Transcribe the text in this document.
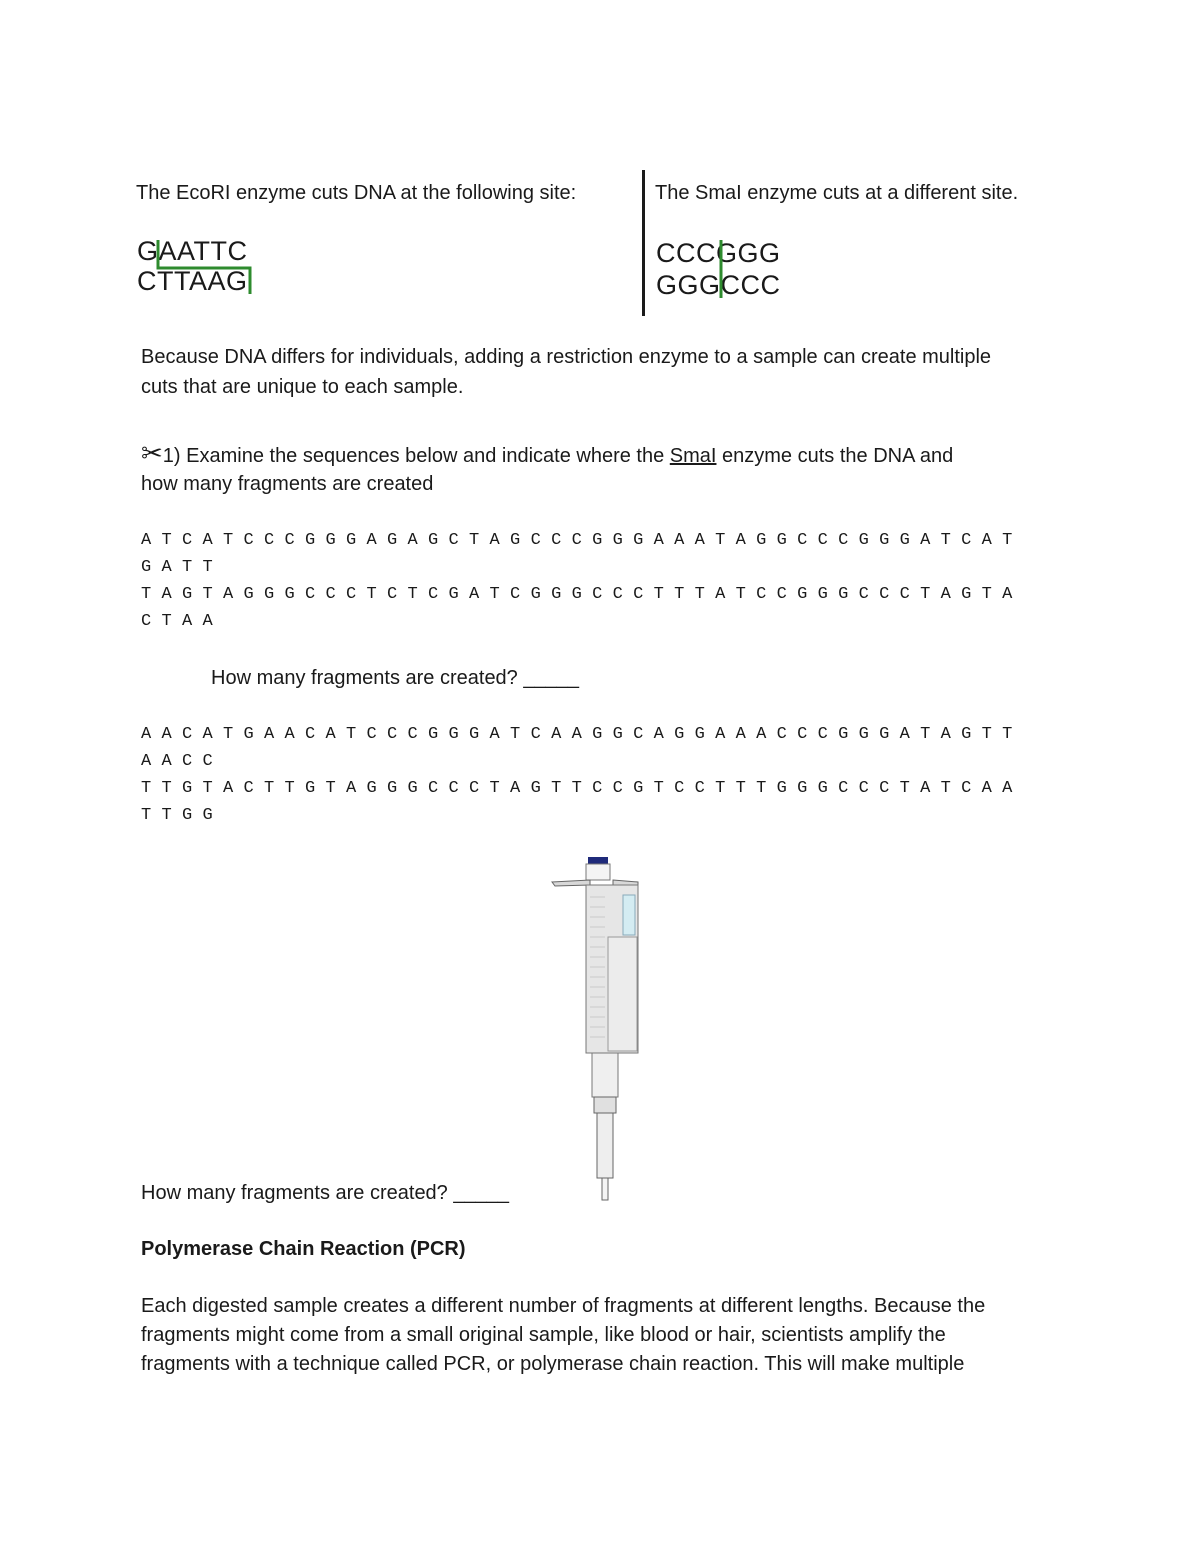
The EcoRI enzyme cuts DNA at the following site:
GAATTC
CTTAAG
The SmaI enzyme cuts at a different site.
CCCGGG
GGGCCC
Because DNA differs for individuals, adding a restriction enzyme to a sample can create multiple
cuts that are unique to each sample.
✂1) Examine the sequences below and indicate where the SmaI enzyme cuts the DNA and
how many fragments are created
A T C A T C C C G G G A G A G C T A G C C C G G G A A A T A G G C C C G G G A T C A T
G A T T
T A G T A G G G C C C T C T C G A T C G G G C C C T T T A T C C G G G C C C T A G T A
C T A A
How many fragments are created? _____
A A C A T G A A C A T C C C G G G A T C A A G G C A G G A A A C C C G G G A T A G T T
A A C C
T T G T A C T T G T A G G G C C C T A G T T C C G T C C T T T G G G C C C T A T C A A
T T G G
How many fragments are created? _____
Polymerase Chain Reaction (PCR)
Each digested sample creates a different number of fragments at different lengths. Because the
fragments might come from a small original sample, like blood or hair, scientists amplify the
fragments with a technique called PCR, or polymerase chain reaction. This will make multiple
